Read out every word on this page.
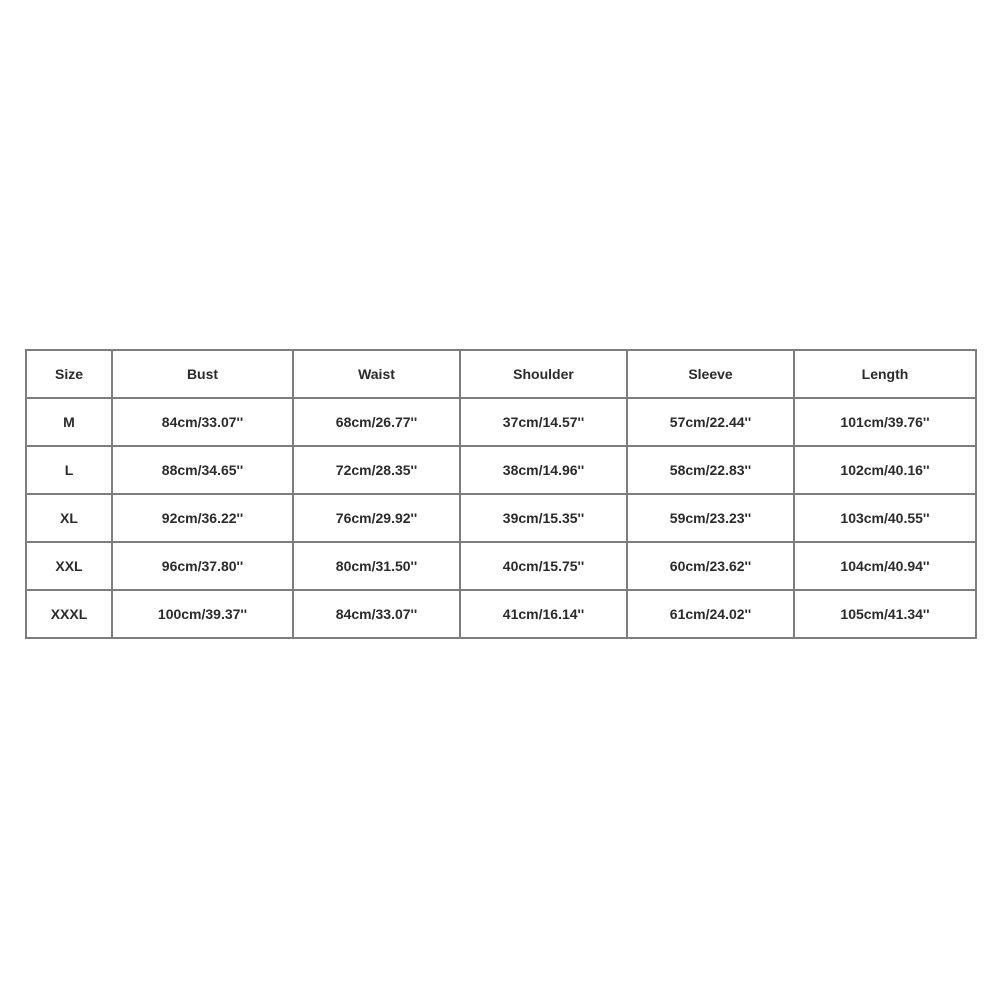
Size	Bust	Waist	Shoulder	Sleeve	Length
M	84cm/33.07''	68cm/26.77''	37cm/14.57''	57cm/22.44''	101cm/39.76''
L	88cm/34.65''	72cm/28.35''	38cm/14.96''	58cm/22.83''	102cm/40.16''
XL	92cm/36.22''	76cm/29.92''	39cm/15.35''	59cm/23.23''	103cm/40.55''
XXL	96cm/37.80''	80cm/31.50''	40cm/15.75''	60cm/23.62''	104cm/40.94''
XXXL	100cm/39.37''	84cm/33.07''	41cm/16.14''	61cm/24.02''	105cm/41.34''
